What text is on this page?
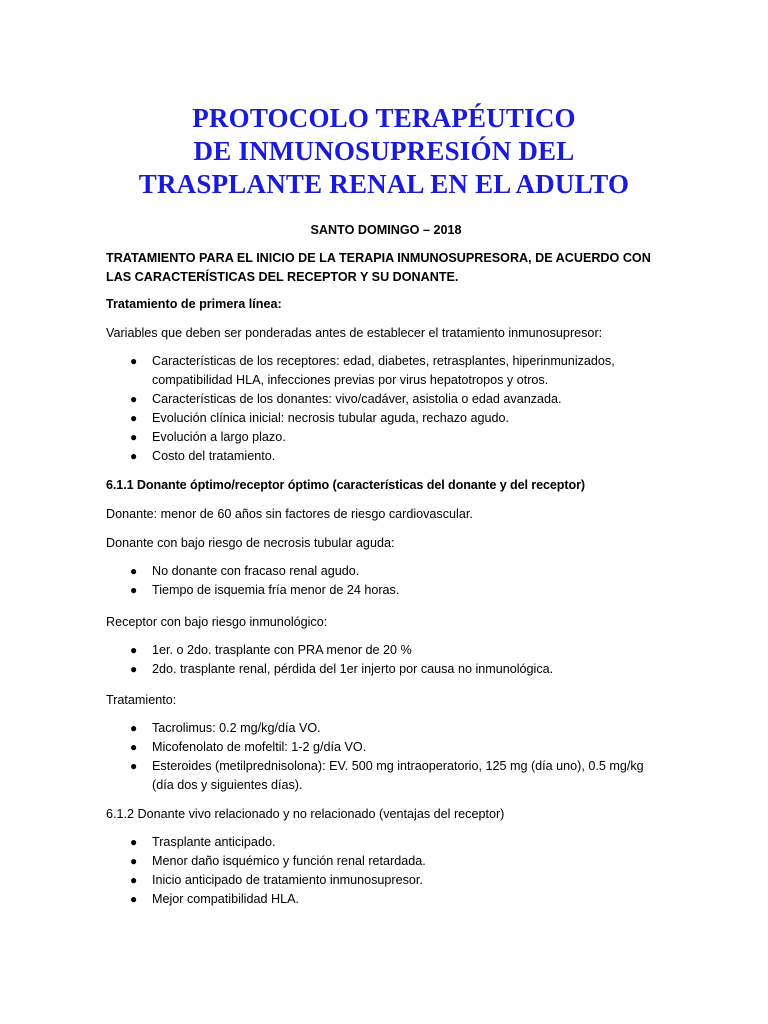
PROTOCOLO TERAPÉUTICO
DE INMUNOSUPRESIÓN DEL
TRASPLANTE RENAL EN EL ADULTO

SANTO DOMINGO – 2018

TRATAMIENTO PARA EL INICIO DE LA TERAPIA INMUNOSUPRESORA, DE ACUERDO CON LAS CARACTERÍSTICAS DEL RECEPTOR Y SU DONANTE.

Tratamiento de primera línea:

Variables que deben ser ponderadas antes de establecer el tratamiento inmunosupresor:

● Características de los receptores: edad, diabetes, retrasplantes, hiperinmunizados, compatibilidad HLA, infecciones previas por virus hepatotropos y otros.
● Características de los donantes: vivo/cadáver, asistolia o edad avanzada.
● Evolución clínica inicial: necrosis tubular aguda, rechazo agudo.
● Evolución a largo plazo.
● Costo del tratamiento.

6.1.1 Donante óptimo/receptor óptimo (características del donante y del receptor)

Donante: menor de 60 años sin factores de riesgo cardiovascular.

Donante con bajo riesgo de necrosis tubular aguda:

● No donante con fracaso renal agudo.
● Tiempo de isquemia fría menor de 24 horas.

Receptor con bajo riesgo inmunológico:

● 1er. o 2do. trasplante con PRA menor de 20 %
● 2do. trasplante renal, pérdida del 1er injerto por causa no inmunológica.

Tratamiento:

● Tacrolimus: 0.2 mg/kg/día VO.
● Micofenolato de mofeltil: 1-2 g/día VO.
● Esteroides (metilprednisolona): EV. 500 mg intraoperatorio, 125 mg (día uno), 0.5 mg/kg (día dos y siguientes días).

6.1.2 Donante vivo relacionado y no relacionado (ventajas del receptor)

● Trasplante anticipado.
● Menor daño isquémico y función renal retardada.
● Inicio anticipado de tratamiento inmunosupresor.
● Mejor compatibilidad HLA.
